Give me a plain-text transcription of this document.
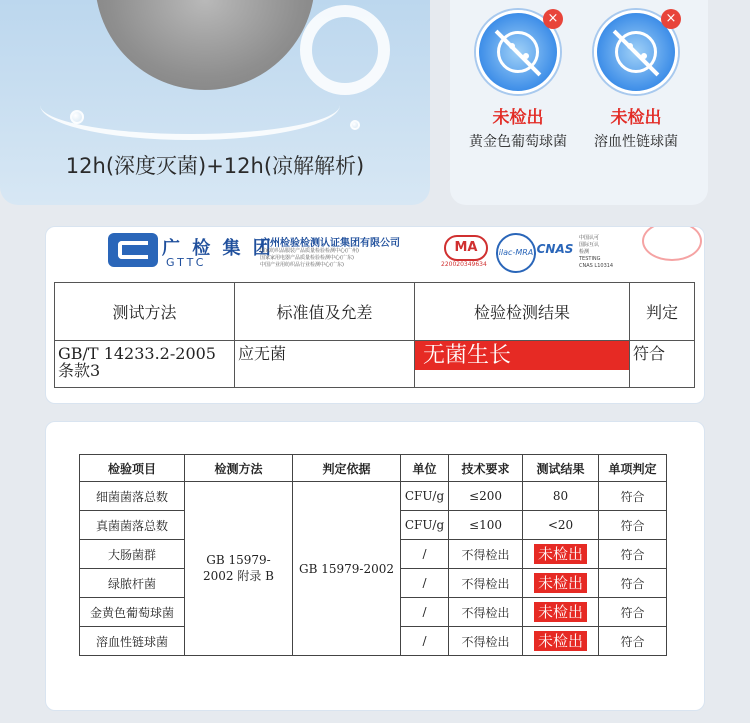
12h(深度灭菌)+12h(凉解解析)
×
未检出
黄金色葡萄球菌
×
未检出
溶血性链球菌
广 检 集 团
GTTC
广州检验检测认证集团有限公司
国家纺织品服装产品质量检验检测中心(广州)
国家家用电器产品质量检验检测中心(广东)
中国产业用纺织品行业检测中心(广东)
MA
220020349634
ilac-MRA CNAS
中国认可
国际互认
检测
TESTING
CNAS L10314
测试方法	标准值及允差	检验检测结果	判定
GB/T 14233.2-2005 条款3	应无菌	无菌生长	符合
检验项目	检测方法	判定依据	单位	技术要求	测试结果	单项判定
细菌菌落总数	GB 15979-2002 附录 B	GB 15979-2002	CFU/g	≤200	80	符合
真菌菌落总数			CFU/g	≤100	<20	符合
大肠菌群			/	不得检出	未检出	符合
绿脓杆菌			/	不得检出	未检出	符合
金黄色葡萄球菌			/	不得检出	未检出	符合
溶血性链球菌			/	不得检出	未检出	符合
